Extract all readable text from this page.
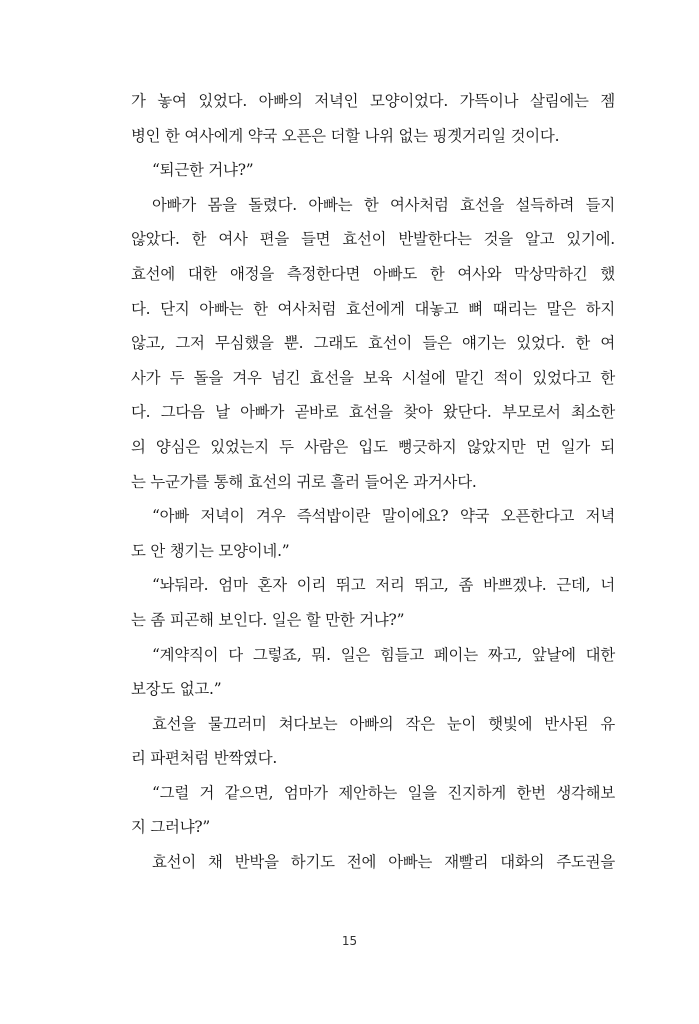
가 놓여 있었다. 아빠의 저녁인 모양이었다. 가뜩이나 살림에는 젬
병인 한 여사에게 약국 오픈은 더할 나위 없는 핑곗거리일 것이다.
“퇴근한 거냐?”
아빠가 몸을 돌렸다. 아빠는 한 여사처럼 효선을 설득하려 들지
않았다. 한 여사 편을 들면 효선이 반발한다는 것을 알고 있기에.
효선에 대한 애정을 측정한다면 아빠도 한 여사와 막상막하긴 했
다. 단지 아빠는 한 여사처럼 효선에게 대놓고 뼈 때리는 말은 하지
않고, 그저 무심했을 뿐. 그래도 효선이 들은 얘기는 있었다. 한 여
사가 두 돌을 겨우 넘긴 효선을 보육 시설에 맡긴 적이 있었다고 한
다. 그다음 날 아빠가 곧바로 효선을 찾아 왔단다. 부모로서 최소한
의 양심은 있었는지 두 사람은 입도 뻥긋하지 않았지만 먼 일가 되
는 누군가를 통해 효선의 귀로 흘러 들어온 과거사다.
“아빠 저녁이 겨우 즉석밥이란 말이에요? 약국 오픈한다고 저녁
도 안 챙기는 모양이네.”
“놔둬라. 엄마 혼자 이리 뛰고 저리 뛰고, 좀 바쁘겠냐. 근데, 너
는 좀 피곤해 보인다. 일은 할 만한 거냐?”
“계약직이 다 그렇죠, 뭐. 일은 힘들고 페이는 짜고, 앞날에 대한
보장도 없고.”
효선을 물끄러미 쳐다보는 아빠의 작은 눈이 햇빛에 반사된 유
리 파편처럼 반짝였다.
“그럴 거 같으면, 엄마가 제안하는 일을 진지하게 한번 생각해보
지 그러냐?”
효선이 채 반박을 하기도 전에 아빠는 재빨리 대화의 주도권을
15
